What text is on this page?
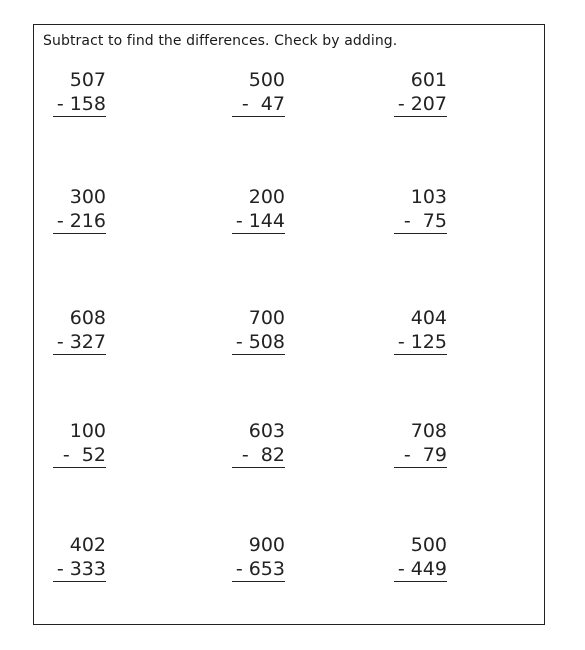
Subtract to find the differences. Check by adding.
507
- 158
500
-  47
601
- 207
300
- 216
200
- 144
103
-  75
608
- 327
700
- 508
404
- 125
100
-  52
603
-  82
708
-  79
402
- 333
900
- 653
500
- 449
